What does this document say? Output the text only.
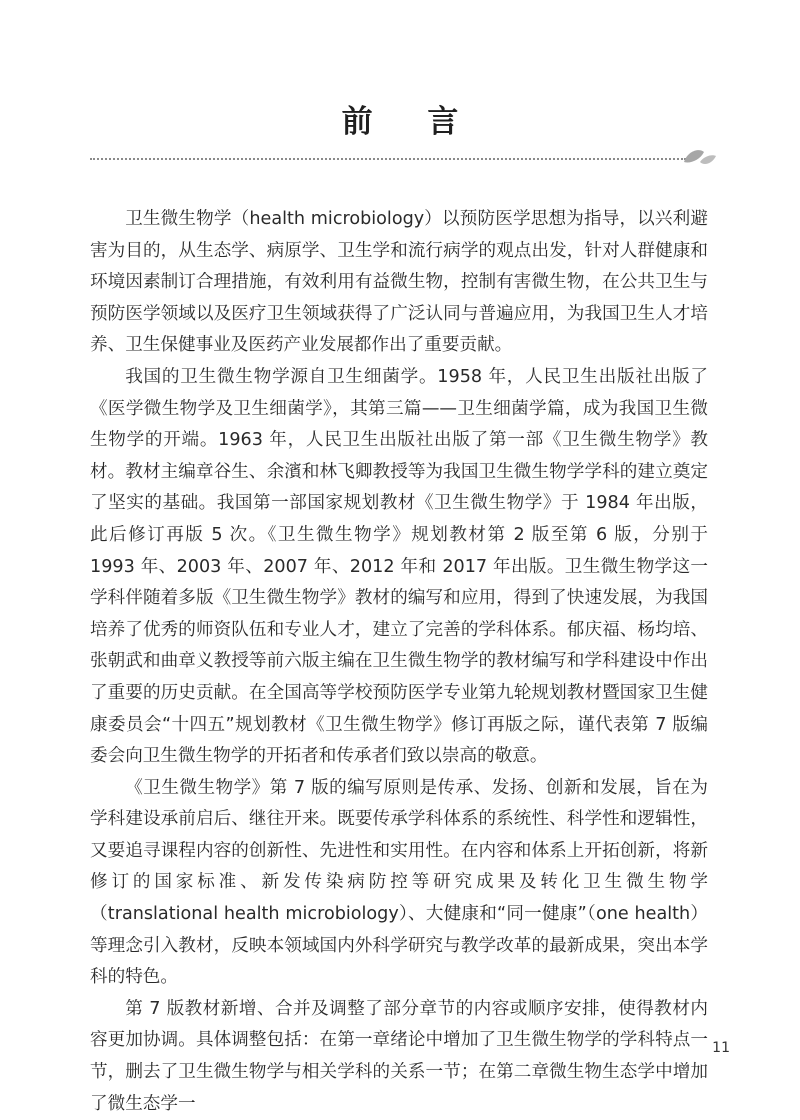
前 言

卫生微生物学（health microbiology）以预防医学思想为指导，以兴利避害为目的，从生态学、病原学、卫生学和流行病学的观点出发，针对人群健康和环境因素制订合理措施，有效利用有益微生物，控制有害微生物，在公共卫生与预防医学领域以及医疗卫生领域获得了广泛认同与普遍应用，为我国卫生人才培养、卫生保健事业及医药产业发展都作出了重要贡献。

我国的卫生微生物学源自卫生细菌学。1958 年，人民卫生出版社出版了《医学微生物学及卫生细菌学》，其第三篇——卫生细菌学篇，成为我国卫生微生物学的开端。1963 年，人民卫生出版社出版了第一部《卫生微生物学》教材。教材主编章谷生、余濱和林飞卿教授等为我国卫生微生物学学科的建立奠定了坚实的基础。我国第一部国家规划教材《卫生微生物学》于 1984 年出版，此后修订再版 5 次。《卫生微生物学》规划教材第 2 版至第 6 版，分别于 1993 年、2003 年、2007 年、2012 年和 2017 年出版。卫生微生物学这一学科伴随着多版《卫生微生物学》教材的编写和应用，得到了快速发展，为我国培养了优秀的师资队伍和专业人才，建立了完善的学科体系。郁庆福、杨均培、张朝武和曲章义教授等前六版主编在卫生微生物学的教材编写和学科建设中作出了重要的历史贡献。在全国高等学校预防医学专业第九轮规划教材暨国家卫生健康委员会“十四五”规划教材《卫生微生物学》修订再版之际，谨代表第 7 版编委会向卫生微生物学的开拓者和传承者们致以崇高的敬意。

《卫生微生物学》第 7 版的编写原则是传承、发扬、创新和发展，旨在为学科建设承前启后、继往开来。既要传承学科体系的系统性、科学性和逻辑性，又要追寻课程内容的创新性、先进性和实用性。在内容和体系上开拓创新，将新修订的国家标准、新发传染病防控等研究成果及转化卫生微生物学（translational health microbiology）、大健康和“同一健康”（one health）等理念引入教材，反映本领域国内外科学研究与教学改革的最新成果，突出本学科的特色。

第 7 版教材新增、合并及调整了部分章节的内容或顺序安排，使得教材内容更加协调。具体调整包括：在第一章绪论中增加了卫生微生物学的学科特点一节，删去了卫生微生物学与相关学科的关系一节；在第二章微生物生态学中增加了微生态学一

11
